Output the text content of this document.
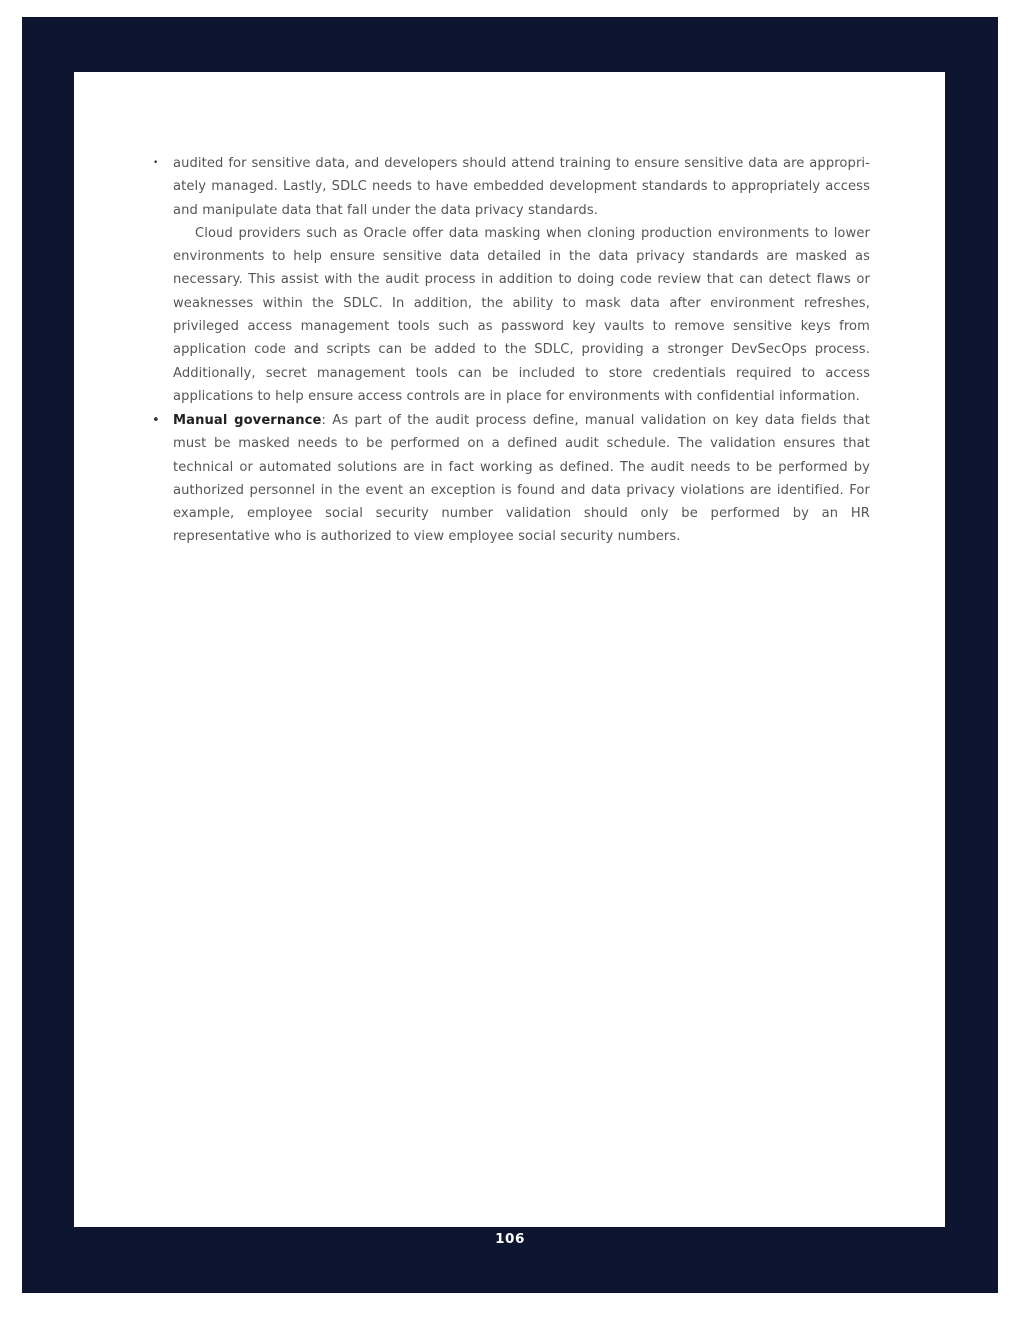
• audited for sensitive data, and developers should attend training to ensure sensitive data are appropri-ately managed. Lastly, SDLC needs to have embedded development standards to appropriately access and manipulate data that fall under the data privacy standards.

Cloud providers such as Oracle offer data masking when cloning production environments to lower environments to help ensure sensitive data detailed in the data privacy standards are masked as necessary. This assist with the audit process in addition to doing code review that can detect flaws or weaknesses within the SDLC. In addition, the ability to mask data after environment refreshes, privileged access management tools such as password key vaults to remove sensitive keys from application code and scripts can be added to the SDLC, providing a stronger DevSecOps process. Additionally, secret management tools can be included to store credentials required to access applications to help ensure access controls are in place for environments with confidential information.

• Manual governance: As part of the audit process define, manual validation on key data fields that must be masked needs to be performed on a defined audit schedule. The validation ensures that technical or automated solutions are in fact working as defined. The audit needs to be performed by authorized personnel in the event an exception is found and data privacy violations are identified. For example, employee social security number validation should only be performed by an HR representative who is authorized to view employee social security numbers.

106
